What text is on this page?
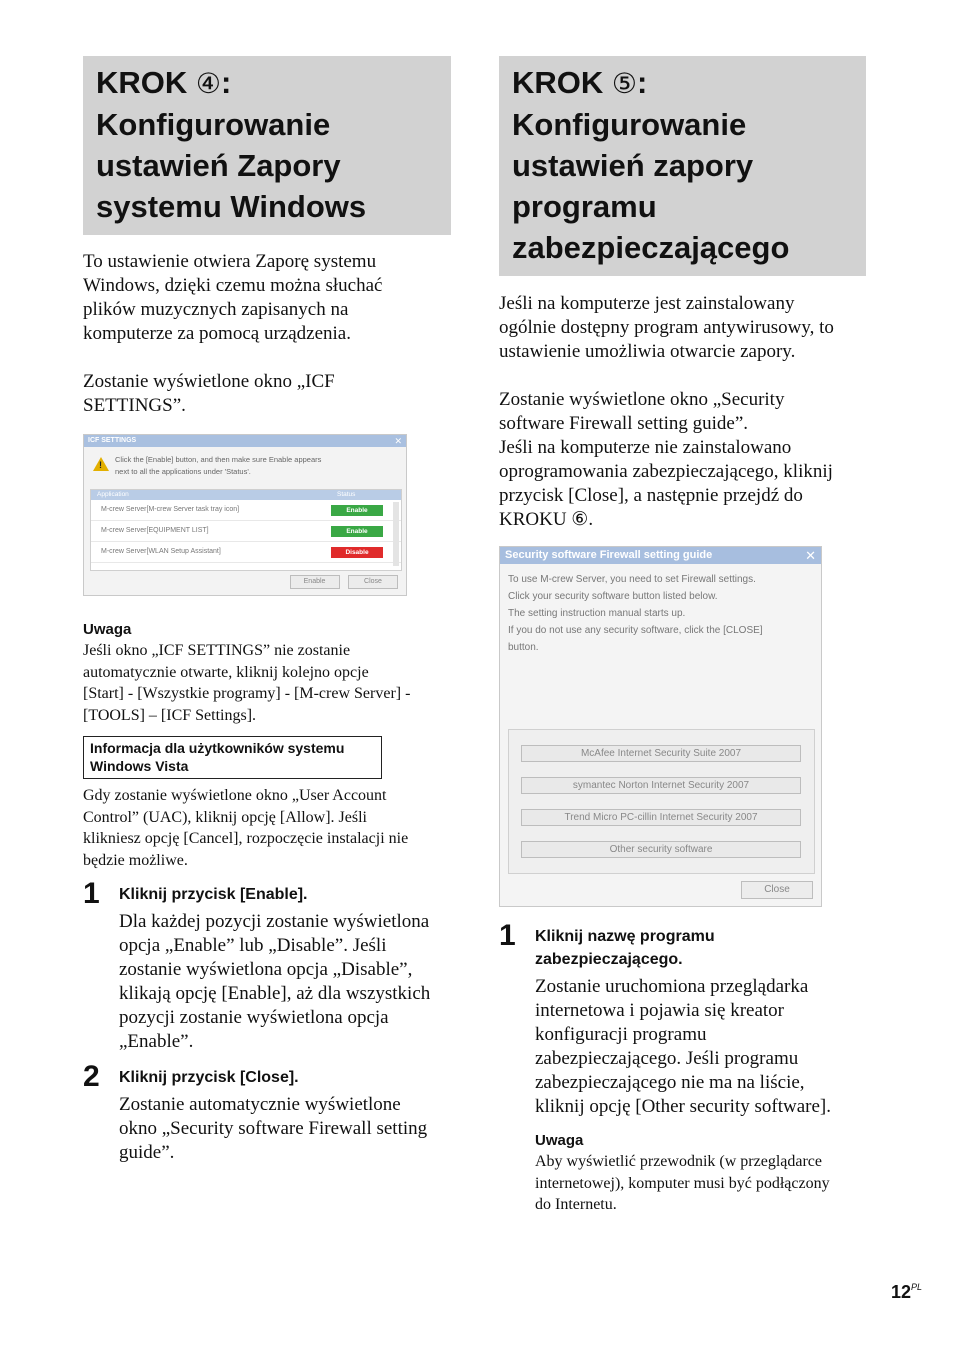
KROK ④:
Konfigurowanie
ustawień Zapory
systemu Windows

To ustawienie otwiera Zaporę systemu
Windows, dzięki czemu można słuchać
plików muzycznych zapisanych na
komputerze za pomocą urządzenia.

Zostanie wyświetlone okno „ICF
SETTINGS”.

ICF SETTINGS	✕
!
Click the [Enable] button, and then make sure Enable appears
next to all the applications under 'Status'.
Application	Status
M-crew Server[M-crew Server task tray icon]	Enable
M-crew Server[EQUIPMENT LIST]	Enable
M-crew Server[WLAN Setup Assistant]	Disable
Enable	Close
Uwaga
Jeśli okno „ICF SETTINGS” nie zostanie
automatycznie otwarte, kliknij kolejno opcje
[Start] - [Wszystkie programy] - [M-crew Server] -
[TOOLS] – [ICF Settings].
Informacja dla użytkowników systemu
Windows Vista
Gdy zostanie wyświetlone okno „User Account
Control” (UAC), kliknij opcję [Allow]. Jeśli
klikniesz opcję [Cancel], rozpoczęcie instalacji nie
będzie możliwe.
1 Kliknij przycisk [Enable].
Dla każdej pozycji zostanie wyświetlona
opcja „Enable” lub „Disable”. Jeśli
zostanie wyświetlona opcja „Disable”,
klikają opcję [Enable], aż dla wszystkich
pozycji zostanie wyświetlona opcja
„Enable”.
2 Kliknij przycisk [Close].
Zostanie automatycznie wyświetlone
okno „Security software Firewall setting
guide”.
KROK ⑤:
Konfigurowanie
ustawień zapory
programu
zabezpieczającego

Jeśli na komputerze jest zainstalowany
ogólnie dostępny program antywirusowy, to
ustawienie umożliwia otwarcie zapory.

Zostanie wyświetlone okno „Security
software Firewall setting guide”.
Jeśli na komputerze nie zainstalowano
oprogramowania zabezpieczającego, kliknij
przycisk [Close], a następnie przejdź do
KROKU ⑥.

Security software Firewall setting guide	✕
To use M-crew Server, you need to set Firewall settings.
Click your security software button listed below.
The setting instruction manual starts up.
If you do not use any security software, click the [CLOSE]
button.
McAfee Internet Security Suite 2007
symantec Norton Internet Security 2007
Trend Micro PC-cillin Internet Security 2007
Other security software
Close
1 Kliknij nazwę programu
zabezpieczającego.
Zostanie uruchomiona przeglądarka
internetowa i pojawia się kreator
konfiguracji programu
zabezpieczającego. Jeśli programu
zabezpieczającego nie ma na liście,
kliknij opcję [Other security software].
Uwaga
Aby wyświetlić przewodnik (w przeglądarce
internetowej), komputer musi być podłączony
do Internetu.
$12^{PL}$
